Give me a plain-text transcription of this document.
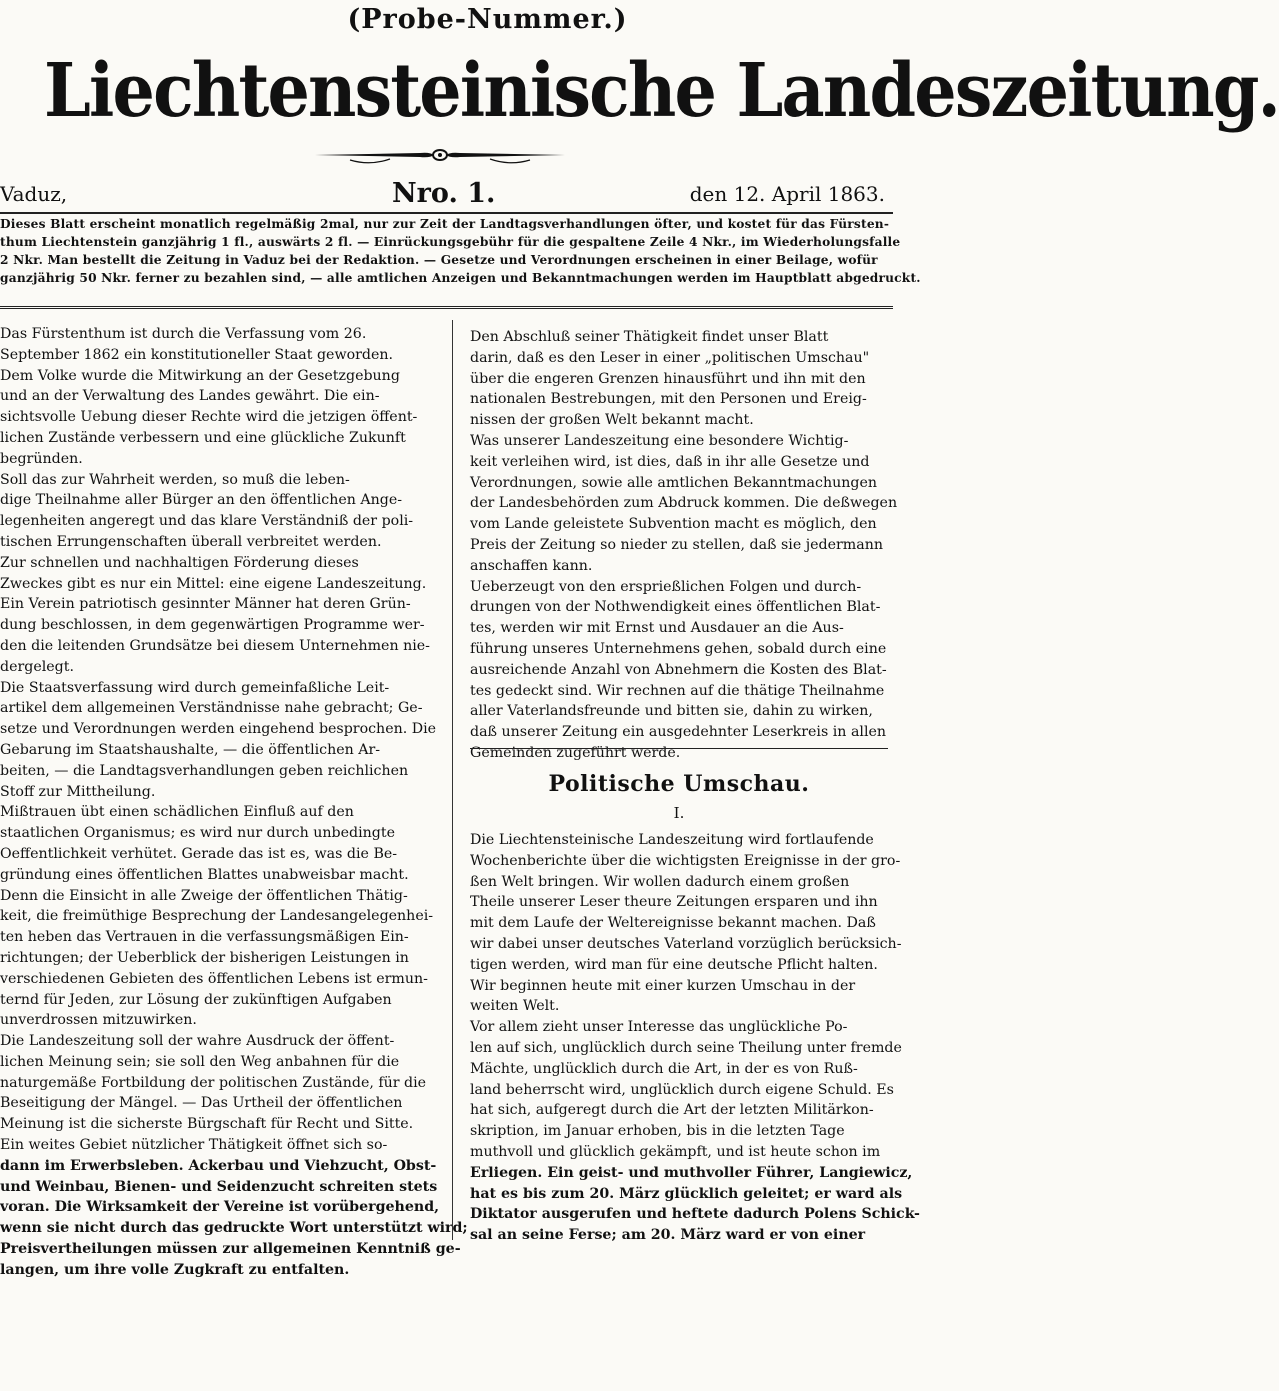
(Probe-Nummer.)
Liechtensteinische Landeszeitung.
Vaduz,	Nro. 1.	den 12. April 1863.
Dieses Blatt erscheint monatlich regelmäßig 2mal, nur zur Zeit der Landtagsverhandlungen öfter, und kostet für das Fürsten-
thum Liechtenstein ganzjährig 1 fl., auswärts 2 fl. — Einrückungsgebühr für die gespaltene Zeile 4 Nkr., im Wiederholungsfalle
2 Nkr. Man bestellt die Zeitung in Vaduz bei der Redaktion. — Gesetze und Verordnungen erscheinen in einer Beilage, wofür
ganzjährig 50 Nkr. ferner zu bezahlen sind, — alle amtlichen Anzeigen und Bekanntmachungen werden im Hauptblatt abgedruckt.
Das Fürstenthum ist durch die Verfassung vom 26.
September 1862 ein konstitutioneller Staat geworden.
Dem Volke wurde die Mitwirkung an der Gesetzgebung
und an der Verwaltung des Landes gewährt. Die ein-
sichtsvolle Uebung dieser Rechte wird die jetzigen öffent-
lichen Zustände verbessern und eine glückliche Zukunft
begründen.
Soll das zur Wahrheit werden, so muß die leben-
dige Theilnahme aller Bürger an den öffentlichen Ange-
legenheiten angeregt und das klare Verständniß der poli-
tischen Errungenschaften überall verbreitet werden.
Zur schnellen und nachhaltigen Förderung dieses
Zweckes gibt es nur ein Mittel: eine eigene Landeszeitung.
Ein Verein patriotisch gesinnter Männer hat deren Grün-
dung beschlossen, in dem gegenwärtigen Programme wer-
den die leitenden Grundsätze bei diesem Unternehmen nie-
dergelegt.
Die Staatsverfassung wird durch gemeinfaßliche Leit-
artikel dem allgemeinen Verständnisse nahe gebracht; Ge-
setze und Verordnungen werden eingehend besprochen. Die
Gebarung im Staatshaushalte, — die öffentlichen Ar-
beiten, — die Landtagsverhandlungen geben reichlichen
Stoff zur Mittheilung.
Mißtrauen übt einen schädlichen Einfluß auf den
staatlichen Organismus; es wird nur durch unbedingte
Oeffentlichkeit verhütet. Gerade das ist es, was die Be-
gründung eines öffentlichen Blattes unabweisbar macht.
Denn die Einsicht in alle Zweige der öffentlichen Thätig-
keit, die freimüthige Besprechung der Landesangelegenhei-
ten heben das Vertrauen in die verfassungsmäßigen Ein-
richtungen; der Ueberblick der bisherigen Leistungen in
verschiedenen Gebieten des öffentlichen Lebens ist ermun-
ternd für Jeden, zur Lösung der zukünftigen Aufgaben
unverdrossen mitzuwirken.
Die Landeszeitung soll der wahre Ausdruck der öffent-
lichen Meinung sein; sie soll den Weg anbahnen für die
naturgemäße Fortbildung der politischen Zustände, für die
Beseitigung der Mängel. — Das Urtheil der öffentlichen
Meinung ist die sicherste Bürgschaft für Recht und Sitte.
Ein weites Gebiet nützlicher Thätigkeit öffnet sich so-
dann im Erwerbsleben. Ackerbau und Viehzucht, Obst-
und Weinbau, Bienen- und Seidenzucht schreiten stets
voran. Die Wirksamkeit der Vereine ist vorübergehend,
wenn sie nicht durch das gedruckte Wort unterstützt wird;
Preisvertheilungen müssen zur allgemeinen Kenntniß ge-
langen, um ihre volle Zugkraft zu entfalten.
Den Abschluß seiner Thätigkeit findet unser Blatt
darin, daß es den Leser in einer „politischen Umschau"
über die engeren Grenzen hinausführt und ihn mit den
nationalen Bestrebungen, mit den Personen und Ereig-
nissen der großen Welt bekannt macht.
Was unserer Landeszeitung eine besondere Wichtig-
keit verleihen wird, ist dies, daß in ihr alle Gesetze und
Verordnungen, sowie alle amtlichen Bekanntmachungen
der Landesbehörden zum Abdruck kommen. Die deßwegen
vom Lande geleistete Subvention macht es möglich, den
Preis der Zeitung so nieder zu stellen, daß sie jedermann
anschaffen kann.
Ueberzeugt von den ersprießlichen Folgen und durch-
drungen von der Nothwendigkeit eines öffentlichen Blat-
tes, werden wir mit Ernst und Ausdauer an die Aus-
führung unseres Unternehmens gehen, sobald durch eine
ausreichende Anzahl von Abnehmern die Kosten des Blat-
tes gedeckt sind. Wir rechnen auf die thätige Theilnahme
aller Vaterlandsfreunde und bitten sie, dahin zu wirken,
daß unserer Zeitung ein ausgedehnter Leserkreis in allen
Gemeinden zugeführt werde.
Politische Umschau.
I.
Die Liechtensteinische Landeszeitung wird fortlaufende
Wochenberichte über die wichtigsten Ereignisse in der gro-
ßen Welt bringen. Wir wollen dadurch einem großen
Theile unserer Leser theure Zeitungen ersparen und ihn
mit dem Laufe der Weltereignisse bekannt machen. Daß
wir dabei unser deutsches Vaterland vorzüglich berücksich-
tigen werden, wird man für eine deutsche Pflicht halten.
Wir beginnen heute mit einer kurzen Umschau in der
weiten Welt.
Vor allem zieht unser Interesse das unglückliche Po-
len auf sich, unglücklich durch seine Theilung unter fremde
Mächte, unglücklich durch die Art, in der es von Ruß-
land beherrscht wird, unglücklich durch eigene Schuld. Es
hat sich, aufgeregt durch die Art der letzten Militärkon-
skription, im Januar erhoben, bis in die letzten Tage
muthvoll und glücklich gekämpft, und ist heute schon im
Erliegen. Ein geist- und muthvoller Führer, Langiewicz,
hat es bis zum 20. März glücklich geleitet; er ward als
Diktator ausgerufen und heftete dadurch Polens Schick-
sal an seine Ferse; am 20. März ward er von einer
